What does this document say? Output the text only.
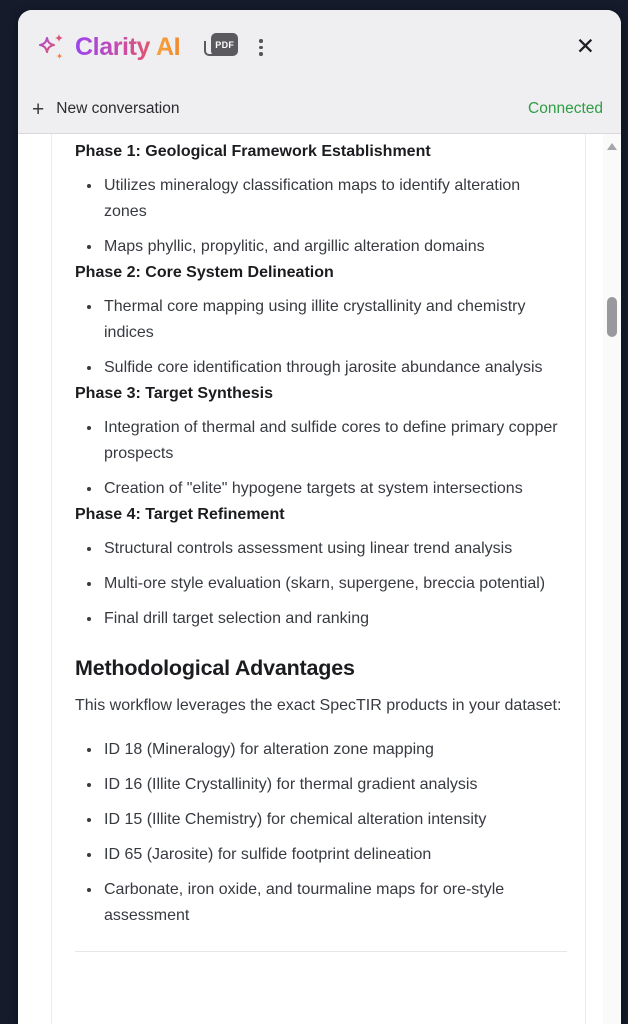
Clarity AI	PDF	✕
+ New conversation	Connected
Phase 1: Geological Framework Establishment
• Utilizes mineralogy classification maps to identify alteration zones
• Maps phyllic, propylitic, and argillic alteration domains
Phase 2: Core System Delineation
• Thermal core mapping using illite crystallinity and chemistry indices
• Sulfide core identification through jarosite abundance analysis
Phase 3: Target Synthesis
• Integration of thermal and sulfide cores to define primary copper prospects
• Creation of "elite" hypogene targets at system intersections
Phase 4: Target Refinement
• Structural controls assessment using linear trend analysis
• Multi-ore style evaluation (skarn, supergene, breccia potential)
• Final drill target selection and ranking
Methodological Advantages

This workflow leverages the exact SpecTIR products in your dataset:

• ID 18 (Mineralogy) for alteration zone mapping
• ID 16 (Illite Crystallinity) for thermal gradient analysis
• ID 15 (Illite Chemistry) for chemical alteration intensity
• ID 65 (Jarosite) for sulfide footprint delineation
• Carbonate, iron oxide, and tourmaline maps for ore-style assessment
